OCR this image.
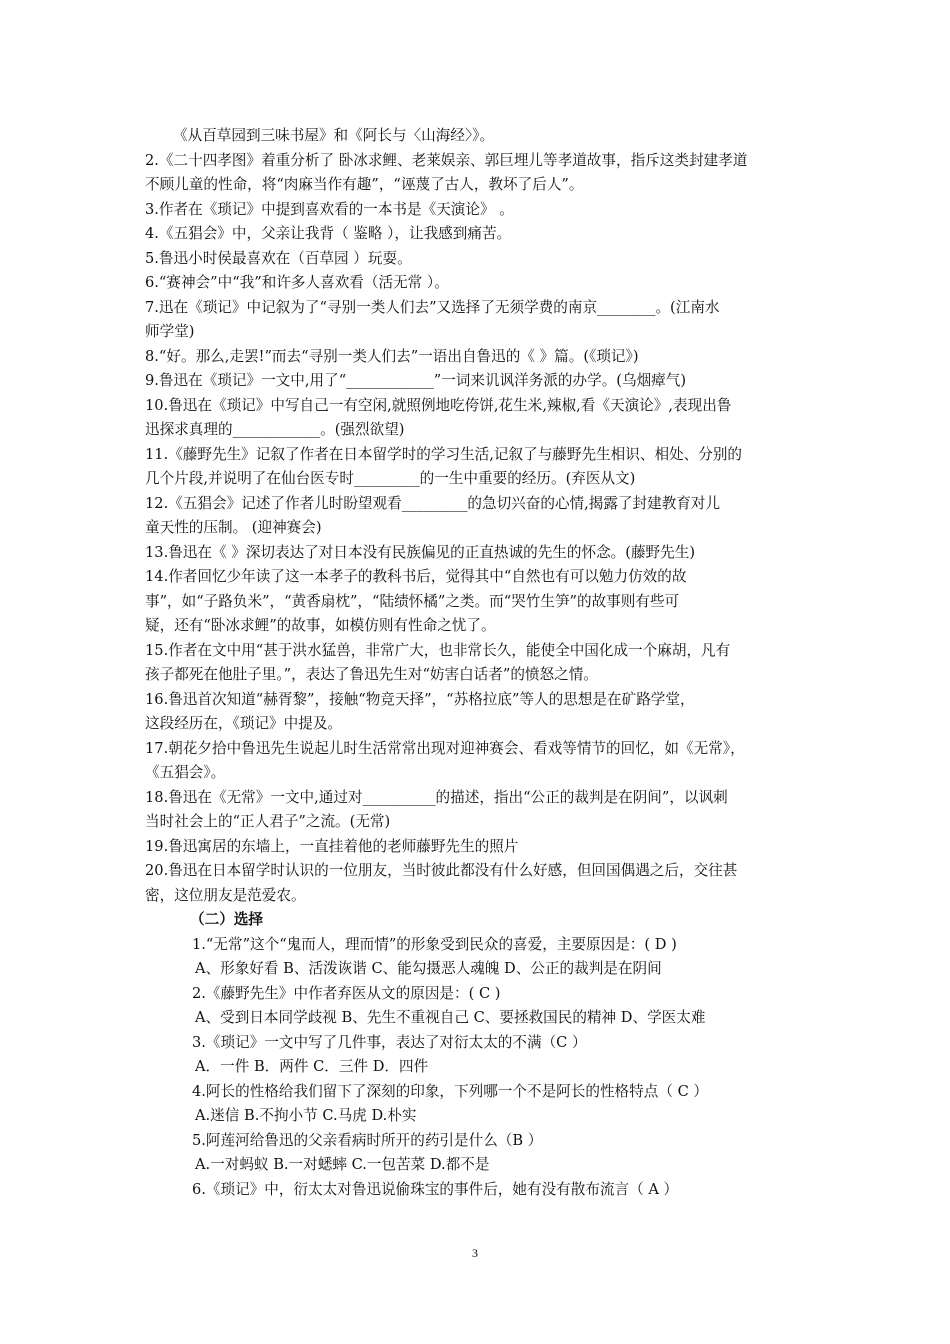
《从百草园到三味书屋》和《阿长与〈山海经〉》。
2.《二十四孝图》着重分析了 卧冰求鲤、老莱娱亲、郭巨埋儿等孝道故事，指斥这类封建孝道
不顾儿童的性命，将“肉麻当作有趣”，“诬蔑了古人，教坏了后人”。
3.作者在《琐记》中提到喜欢看的一本书是《天演论》 。
4.《五猖会》中，父亲让我背（ 鉴略 ），让我感到痛苦。
5.鲁迅小时侯最喜欢在（百草园 ）玩耍。
6.“赛神会”中“我”和许多人喜欢看（活无常 ）。
7.迅在《琐记》中记叙为了“寻别一类人们去”又选择了无须学费的南京________。(江南水
师学堂)
8.“好。那么,走罢!”而去“寻别一类人们去”一语出自鲁迅的《 》篇。(《琐记》)
9.鲁迅在《琐记》一文中,用了“____________”一词来讥讽洋务派的办学。(乌烟瘴气)
10.鲁迅在《琐记》中写自己一有空闲,就照例地吃侉饼,花生米,辣椒,看《天演论》,表现出鲁
迅探求真理的____________。(强烈欲望)
11.《藤野先生》记叙了作者在日本留学时的学习生活,记叙了与藤野先生相识、相处、分别的
几个片段,并说明了在仙台医专时_________的一生中重要的经历。(弃医从文)
12.《五猖会》记述了作者儿时盼望观看_________的急切兴奋的心情,揭露了封建教育对儿
童天性的压制。 (迎神赛会)
13.鲁迅在《 》深切表达了对日本没有民族偏见的正直热诚的先生的怀念。(藤野先生)
14.作者回忆少年读了这一本孝子的教科书后，觉得其中“自然也有可以勉力仿效的故
事”，如“子路负米”，“黄香扇枕”，“陆绩怀橘”之类。而“哭竹生笋”的故事则有些可
疑，还有“卧冰求鲤”的故事，如模仿则有性命之忧了。
15.作者在文中用“甚于洪水猛兽，非常广大，也非常长久，能使全中国化成一个麻胡，凡有
孩子都死在他肚子里。”，表达了鲁迅先生对“妨害白话者”的愤怒之情。
16.鲁迅首次知道“赫胥黎”，接触“物竞天择”，“苏格拉底”等人的思想是在矿路学堂，
这段经历在，《琐记》中提及。
17.朝花夕拾中鲁迅先生说起儿时生活常常出现对迎神赛会、看戏等情节的回忆，如《无常》，
《五猖会》。
18.鲁迅在《无常》一文中,通过对__________的描述，指出“公正的裁判是在阴间”，以讽刺
当时社会上的“正人君子”之流。(无常)
19.鲁迅寓居的东墙上，一直挂着他的老师藤野先生的照片
20.鲁迅在日本留学时认识的一位朋友，当时彼此都没有什么好感，但回国偶遇之后，交往甚
密，这位朋友是范爱农。
（二）选择
1.“无常”这个“鬼而人，理而情”的形象受到民众的喜爱，主要原因是：( D )
A、形象好看 B、活泼诙谐 C、能勾摄恶人魂魄 D、公正的裁判是在阴间
2.《藤野先生》中作者弃医从文的原因是：( C )
A、受到日本同学歧视 B、先生不重视自己 C、要拯救国民的精神 D、学医太难
3.《琐记》一文中写了几件事，表达了对衍太太的不满（C ）
A．一件 B．两件 C．三件 D．四件
4.阿长的性格给我们留下了深刻的印象，下列哪一个不是阿长的性格特点（ C ）
A.迷信 B.不拘小节 C.马虎 D.朴实
5.阿莲河给鲁迅的父亲看病时所开的药引是什么（B ）
A.一对蚂蚁 B.一对蟋蟀 C.一包苦菜 D.都不是
6.《琐记》中，衍太太对鲁迅说偷珠宝的事件后，她有没有散布流言（ A ）
3
